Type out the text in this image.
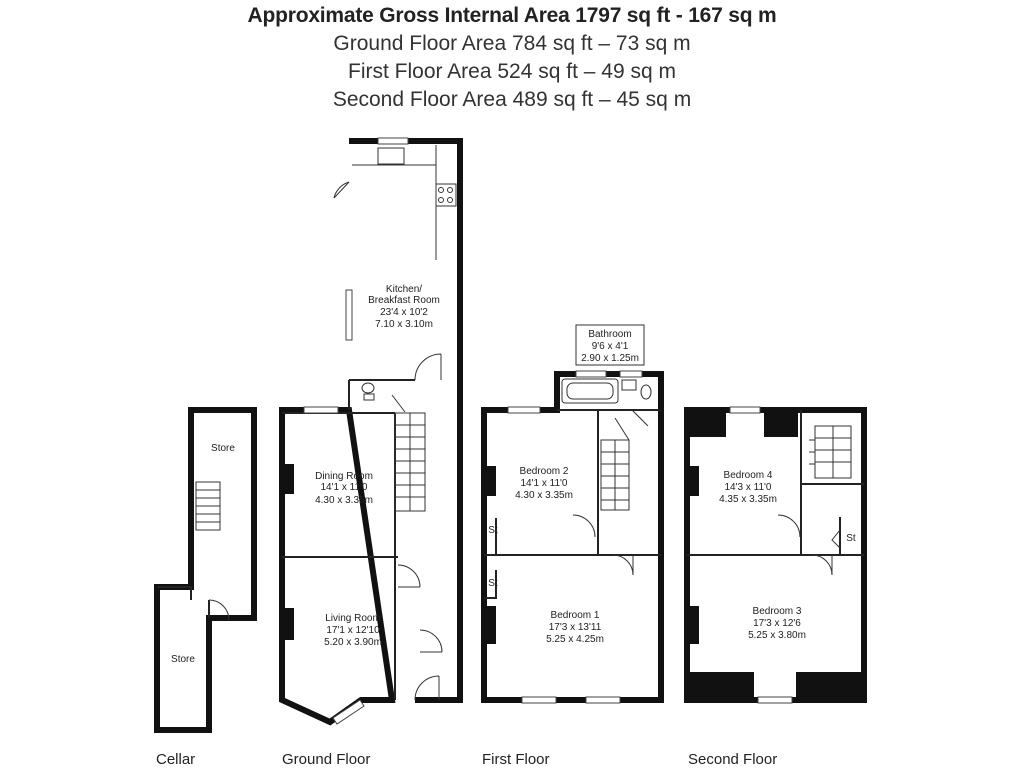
Approximate Gross Internal Area 1797 sq ft - 167 sq m
Ground Floor Area 784 sq ft – 73 sq m
First Floor Area 524 sq ft – 49 sq m
Second Floor Area 489 sq ft – 45 sq m
Store
Store
Kitchen/
Breakfast Room
23'4 x 10'2
7.10 x 3.10m
Dining Room
14'1 x 11'0
4.30 x 3.35m
Living Room
17'1 x 12'10
5.20 x 3.90m
Bathroom
9'6 x 4'1
2.90 x 1.25m
Bedroom 2
14'1 x 11'0
4.30 x 3.35m
Bedroom 1
17'3 x 13'11
5.25 x 4.25m
St
St
Bedroom 4
14'3 x 11'0
4.35 x 3.35m
Bedroom 3
17'3 x 12'6
5.25 x 3.80m
St
Cellar	Ground Floor	First Floor	Second Floor
